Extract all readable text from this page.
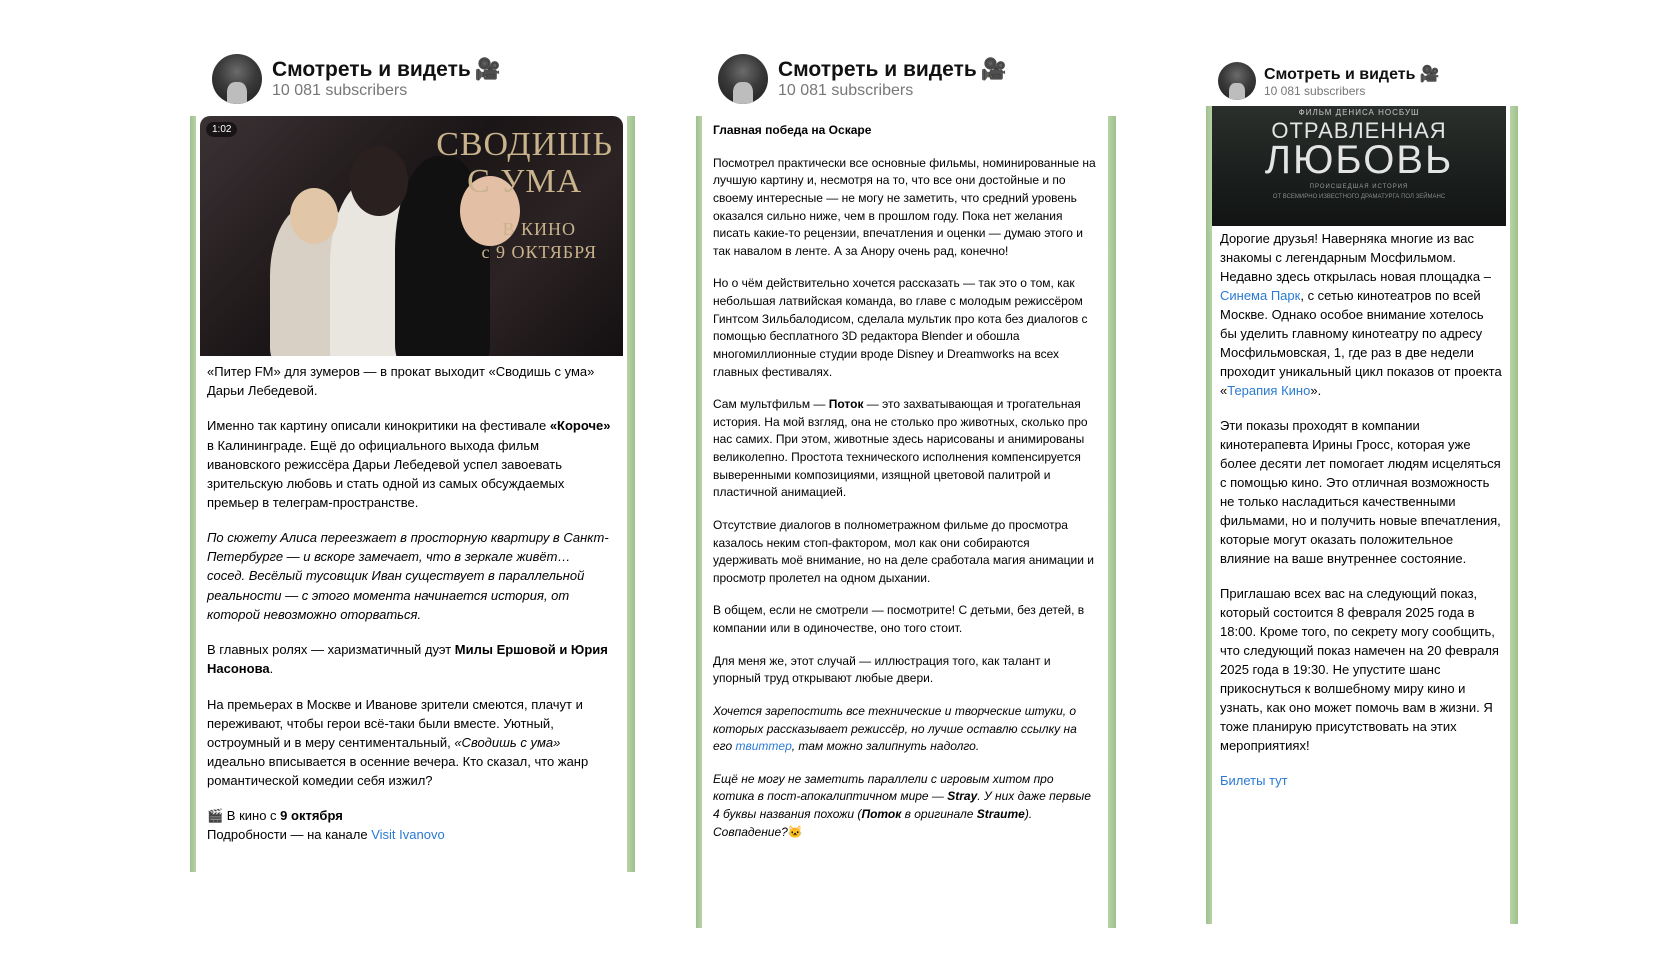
Смотреть и видеть 🎥
10 081 subscribers
СВОДИШЬ
С УМА
В КИНО
с 9 ОКТЯБРЯ
1:02

«Питер FM» для зумеров — в прокат выходит «Сводишь с ума» Дарьи Лебедевой.

Именно так картину описали кинокритики на фестивале «Короче» в Калининграде. Ещё до официального выхода фильм ивановского режиссёра Дарьи Лебедевой успел завоевать зрительскую любовь и стать одной из самых обсуждаемых премьер в телеграм-пространстве.

По сюжету Алиса переезжает в просторную квартиру в Санкт-Петербурге — и вскоре замечает, что в зеркале живёт… сосед. Весёлый тусовщик Иван существует в параллельной реальности — с этого момента начинается история, от которой невозможно оторваться.

В главных ролях — харизматичный дуэт Милы Ершовой и Юрия Насонова.

На премьерах в Москве и Иванове зрители смеются, плачут и переживают, чтобы герои всё-таки были вместе. Уютный, остроумный и в меру сентиментальный, «Сводишь с ума» идеально вписывается в осенние вечера. Кто сказал, что жанр романтической комедии себя изжил?

🎬 В кино с 9 октября
Подробности — на канале Visit Ivanovo
Смотреть и видеть 🎥
10 081 subscribers

Главная победа на Оскаре

Посмотрел практически все основные фильмы, номинированные на лучшую картину и, несмотря на то, что все они достойные и по своему интересные — не могу не заметить, что средний уровень оказался сильно ниже, чем в прошлом году. Пока нет желания писать какие-то рецензии, впечатления и оценки — думаю этого и так навалом в ленте. А за Анору очень рад, конечно!

Но о чём действительно хочется рассказать — так это о том, как небольшая латвийская команда, во главе с молодым режиссёром Гинтсом Зильбалодисом, сделала мультик про кота без диалогов с помощью бесплатного 3D редактора Blender и обошла многомиллионные студии вроде Disney и Dreamworks на всех главных фестивалях.

Сам мультфильм — Поток — это захватывающая и трогательная история. На мой взгляд, она не столько про животных, сколько про нас самих. При этом, животные здесь нарисованы и анимированы великолепно. Простота технического исполнения компенсируется выверенными композициями, изящной цветовой палитрой и пластичной анимацией.

Отсутствие диалогов в полнометражном фильме до просмотра казалось неким стоп-фактором, мол как они собираются удерживать моё внимание, но на деле сработала магия анимации и просмотр пролетел на одном дыхании.

В общем, если не смотрели — посмотрите! С детьми, без детей, в компании или в одиночестве, оно того стоит.

Для меня же, этот случай — иллюстрация того, как талант и упорный труд открывают любые двери.

Хочется зарепостить все технические и творческие штуки, о которых рассказывает режиссёр, но лучше оставлю ссылку на его твиттер, там можно залипнуть надолго.

Ещё не могу не заметить параллели с игровым хитом про котика в пост-апокалиптичном мире — Stray. У них даже первые 4 буквы названия похожи (Поток в оригинале Straume). Совпадение?🐱

Смотреть и видеть 🎥
10 081 subscribers
ФИЛЬМ ДЕНИСА НОСБУШ
ОТРАВЛЕННАЯ
ЛЮБОВЬ
ПРОИСШЕДШАЯ ИСТОРИЯ
ОТ ВСЕМИРНО ИЗВЕСТНОГО ДРАМАТУРГА ПОЛ ЗЕЙМАНС

Дорогие друзья! Наверняка многие из вас знакомы с легендарным Мосфильмом. Недавно здесь открылась новая площадка – Синема Парк, с сетью кинотеатров по всей Москве. Однако особое внимание хотелось бы уделить главному кинотеатру по адресу Мосфильмовская, 1, где раз в две недели проходит уникальный цикл показов от проекта «Терапия Кино».

Эти показы проходят в компании кинотерапевта Ирины Гросс, которая уже более десяти лет помогает людям исцеляться с помощью кино. Это отличная возможность не только насладиться качественными фильмами, но и получить новые впечатления, которые могут оказать положительное влияние на ваше внутреннее состояние.

Приглашаю всех вас на следующий показ, который состоится 8 февраля 2025 года в 18:00. Кроме того, по секрету могу сообщить, что следующий показ намечен на 20 февраля 2025 года в 19:30. Не упустите шанс прикоснуться к волшебному миру кино и узнать, как оно может помочь вам в жизни. Я тоже планирую присутствовать на этих мероприятиях!

Билеты тут
